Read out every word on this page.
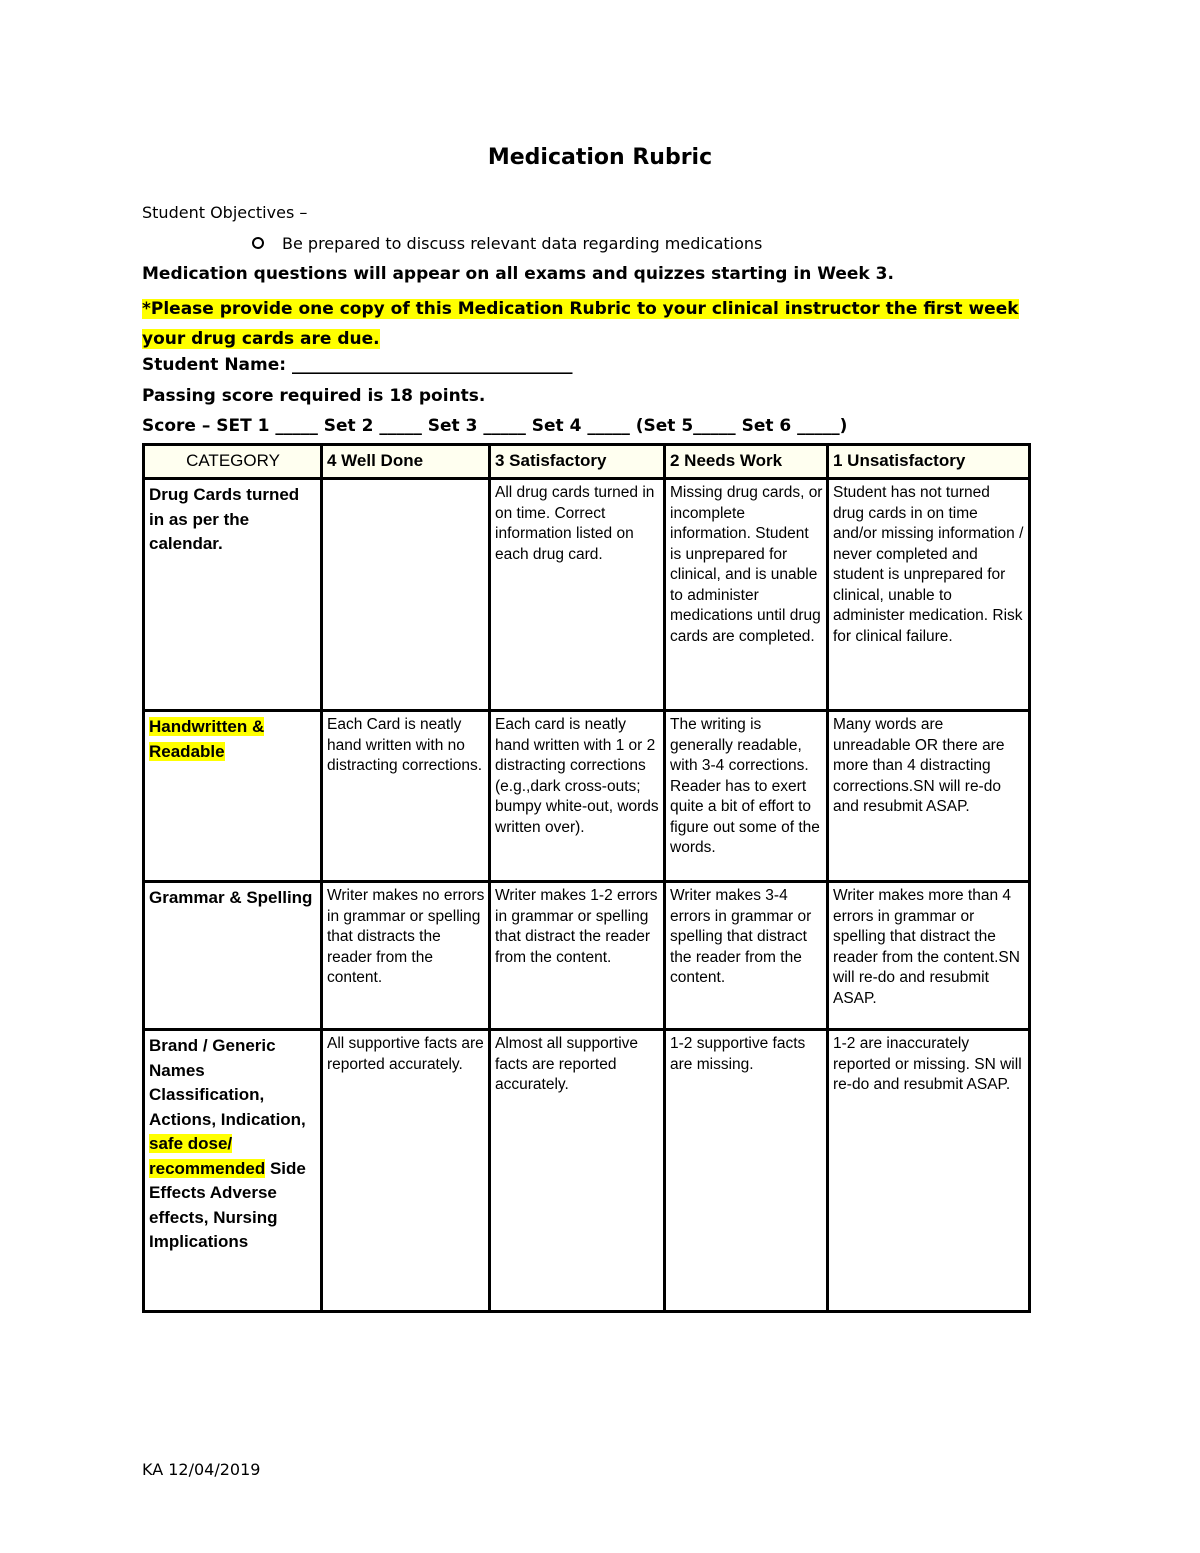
Medication Rubric
Student Objectives –
Be prepared to discuss relevant data regarding medications
Medication questions will appear on all exams and quizzes starting in Week 3.
*Please provide one copy of this Medication Rubric to your clinical instructor the first week your drug cards are due.
Student Name: _________________________________
Passing score required is 18 points.
Score – SET 1 _____ Set 2 _____ Set 3 _____ Set 4 _____ (Set 5_____ Set 6 _____)
CATEGORY	4 Well Done	3 Satisfactory	2 Needs Work	1 Unsatisfactory
Drug Cards turned in as per the calendar.		All drug cards turned in on time. Correct information listed on each drug card.	Missing drug cards, or incomplete information. Student is unprepared for clinical, and is unable to administer medications until drug cards are completed.	Student has not turned drug cards in on time and/or missing information / never completed and student is unprepared for clinical, unable to administer medication. Risk for clinical failure.
Handwritten & Readable	Each Card is neatly hand written with no distracting corrections.	Each card is neatly hand written with 1 or 2 distracting corrections (e.g.,dark cross-outs; bumpy white-out, words written over).	The writing is generally readable, with 3-4 corrections. Reader has to exert quite a bit of effort to figure out some of the words.	Many words are unreadable OR there are more than 4 distracting corrections.SN will re-do and resubmit ASAP.
Grammar & Spelling	Writer makes no errors in grammar or spelling that distracts the reader from the content.	Writer makes 1-2 errors in grammar or spelling that distract the reader from the content.	Writer makes 3-4 errors in grammar or spelling that distract the reader from the content.	Writer makes more than 4 errors in grammar or spelling that distract the reader from the content.SN will re-do and resubmit ASAP.
Brand / Generic Names Classification, Actions, Indication, safe dose/ recommended Side Effects Adverse effects, Nursing Implications	All supportive facts are reported accurately.	Almost all supportive facts are reported accurately.	1-2 supportive facts are missing.	1-2 are inaccurately reported or missing. SN will re-do and resubmit ASAP.
KA 12/04/2019
